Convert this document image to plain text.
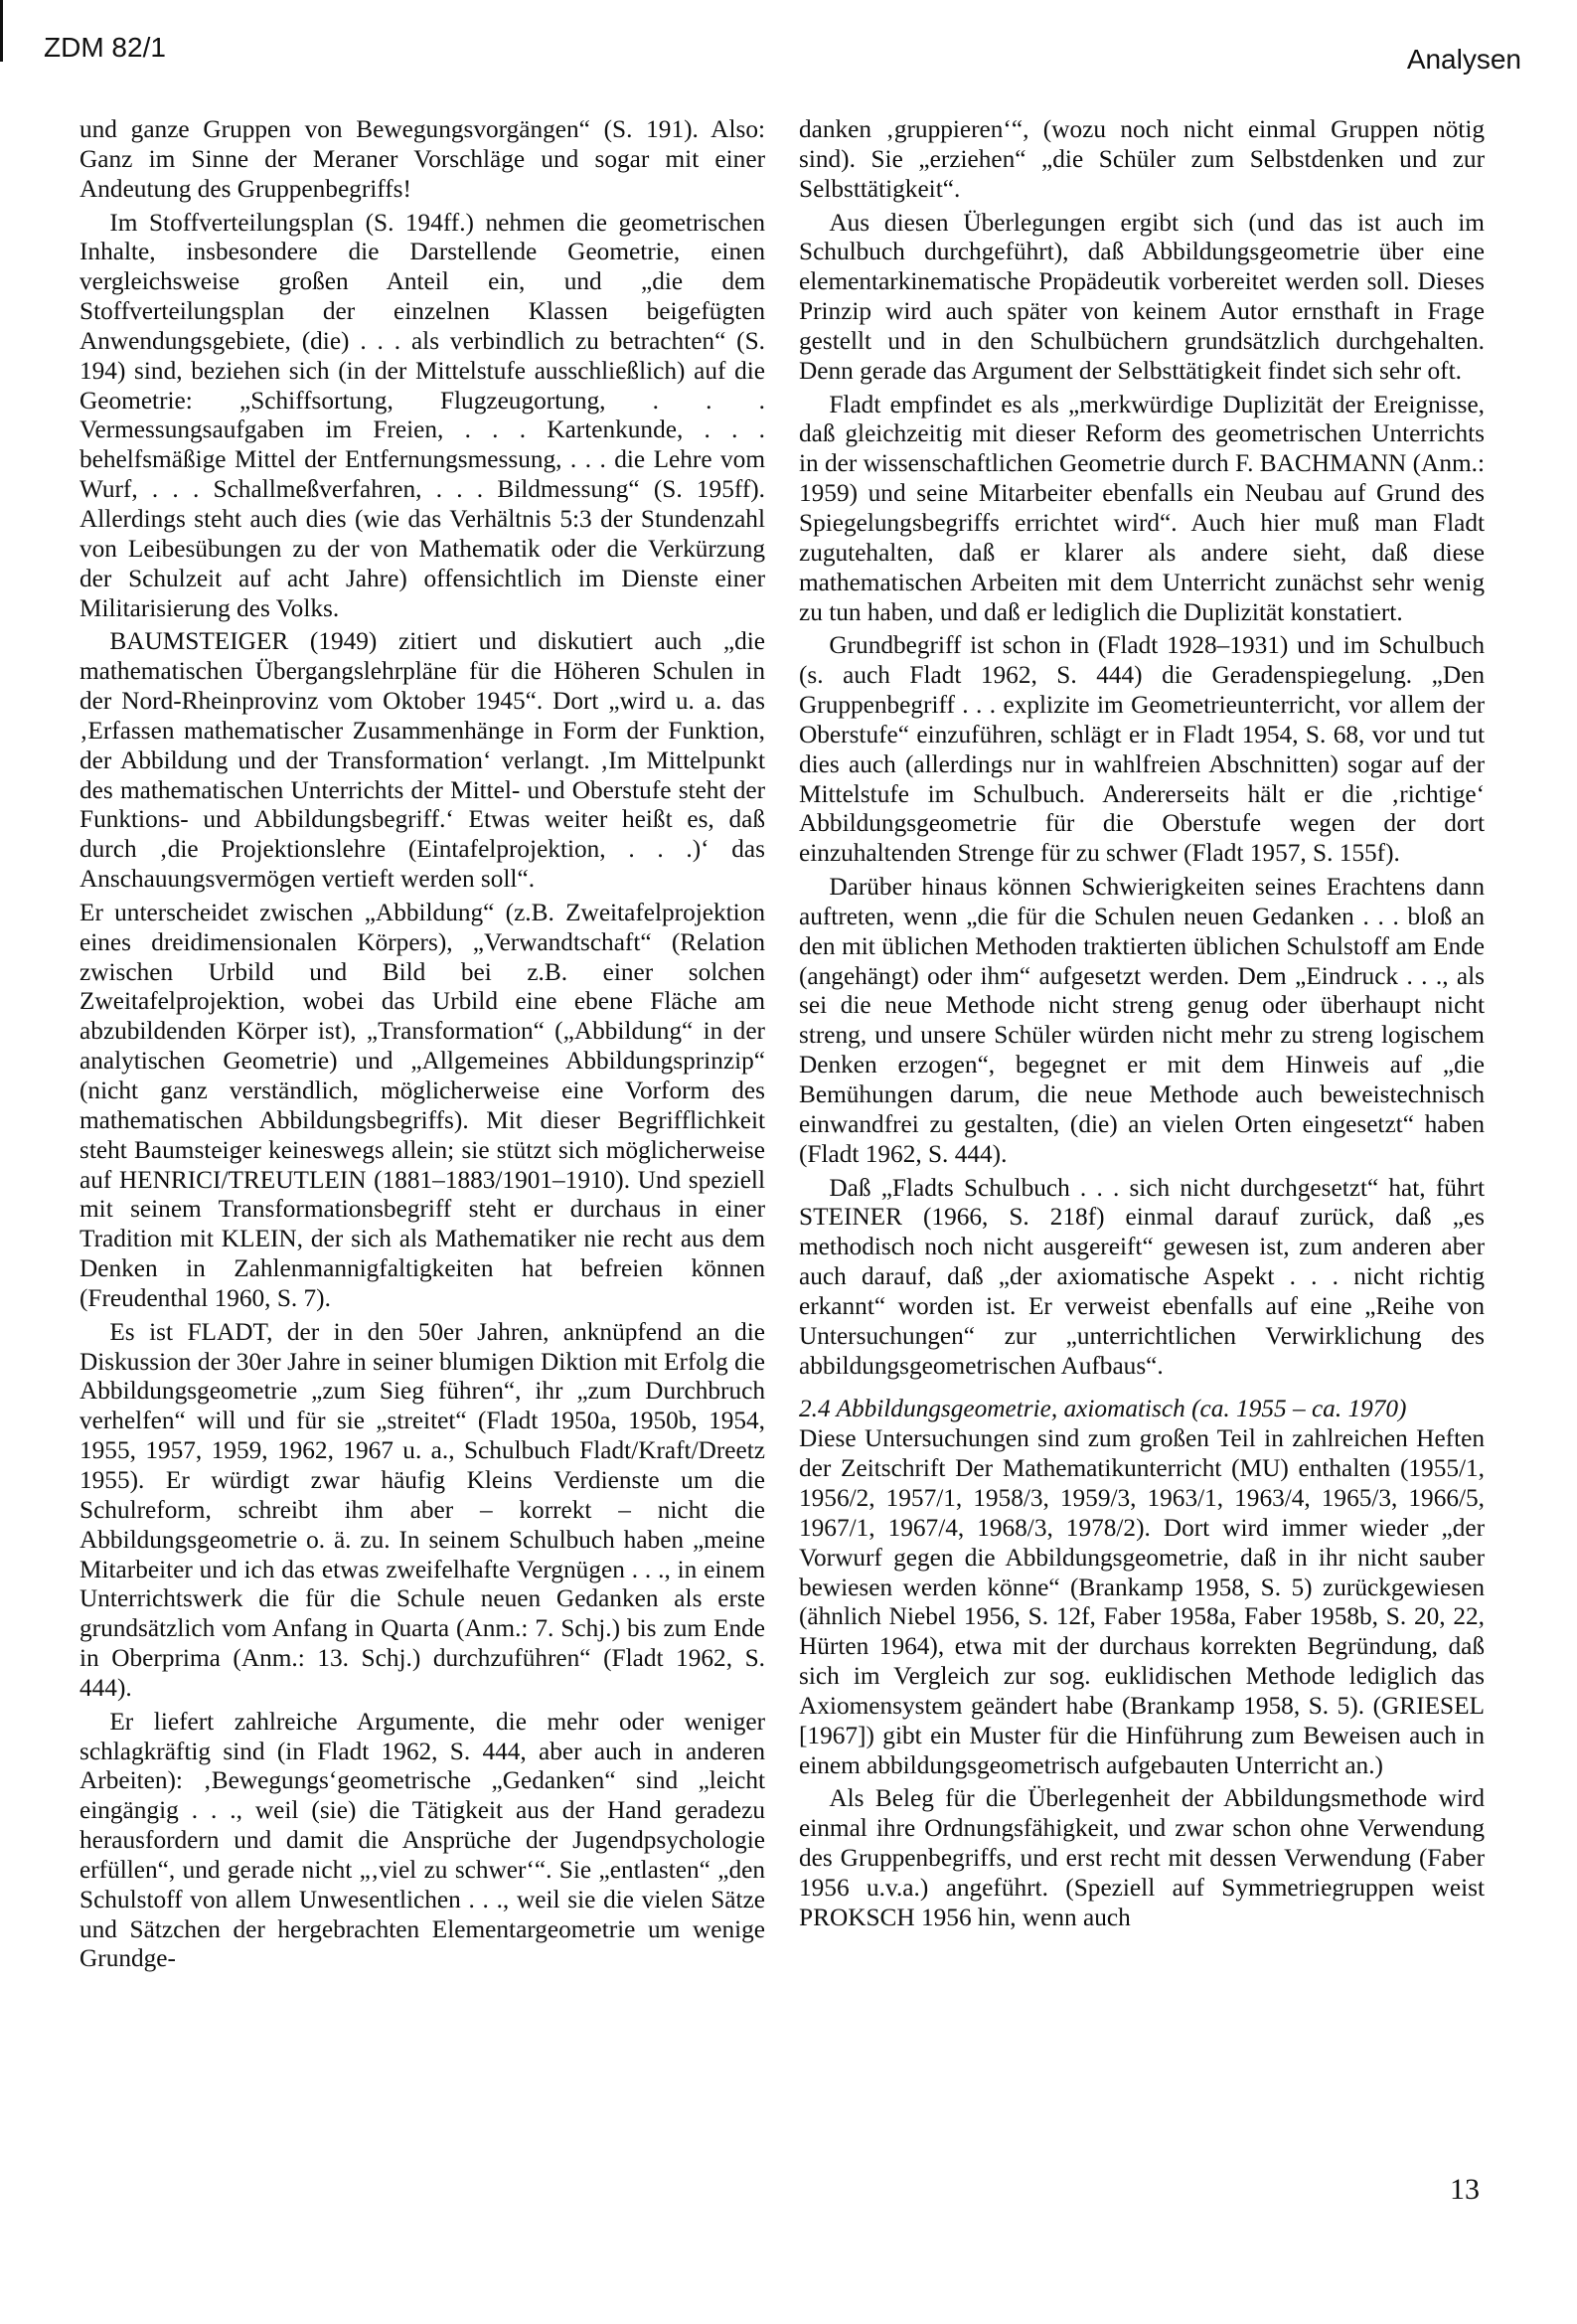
ZDM 82/1	Analysen

und ganze Gruppen von Bewegungsvorgängen“ (S. 191). Also: Ganz im Sinne der Meraner Vorschläge und sogar mit einer Andeutung des Gruppenbegriffs!

Im Stoffverteilungsplan (S. 194ff.) nehmen die geometrischen Inhalte, insbesondere die Darstellende Geometrie, einen vergleichsweise großen Anteil ein, und „die dem Stoffverteilungsplan der einzelnen Klassen beigefügten Anwendungsgebiete, (die) . . . als verbindlich zu betrachten“ (S. 194) sind, beziehen sich (in der Mittelstufe ausschließlich) auf die Geometrie: „Schiffsortung, Flugzeugortung, . . . Vermessungsaufgaben im Freien, . . . Kartenkunde, . . . behelfsmäßige Mittel der Entfernungsmessung, . . . die Lehre vom Wurf, . . . Schallmeßverfahren, . . . Bildmessung“ (S. 195ff). Allerdings steht auch dies (wie das Verhältnis 5:3 der Stundenzahl von Leibesübungen zu der von Mathematik oder die Verkürzung der Schulzeit auf acht Jahre) offensichtlich im Dienste einer Militarisierung des Volks.

BAUMSTEIGER (1949) zitiert und diskutiert auch „die mathematischen Übergangslehrpläne für die Höheren Schulen in der Nord-Rheinprovinz vom Oktober 1945“. Dort „wird u. a. das ‚Erfassen mathematischer Zusammenhänge in Form der Funktion, der Abbildung und der Transformation‘ verlangt. ‚Im Mittelpunkt des mathematischen Unterrichts der Mittel- und Oberstufe steht der Funktions- und Abbildungsbegriff.‘ Etwas weiter heißt es, daß durch ‚die Projektionslehre (Eintafelprojektion, . . .)‘ das Anschauungsvermögen vertieft werden soll“.

Er unterscheidet zwischen „Abbildung“ (z.B. Zweitafelprojektion eines dreidimensionalen Körpers), „Verwandtschaft“ (Relation zwischen Urbild und Bild bei z.B. einer solchen Zweitafelprojektion, wobei das Urbild eine ebene Fläche am abzubildenden Körper ist), „Transformation“ („Abbildung“ in der analytischen Geometrie) und „Allgemeines Abbildungsprinzip“ (nicht ganz verständlich, möglicherweise eine Vorform des mathematischen Abbildungsbegriffs). Mit dieser Begrifflichkeit steht Baumsteiger keineswegs allein; sie stützt sich möglicherweise auf HENRICI/TREUTLEIN (1881–1883/1901–1910). Und speziell mit seinem Transformationsbegriff steht er durchaus in einer Tradition mit KLEIN, der sich als Mathematiker nie recht aus dem Denken in Zahlenmannigfaltigkeiten hat befreien können (Freudenthal 1960, S. 7).

Es ist FLADT, der in den 50er Jahren, anknüpfend an die Diskussion der 30er Jahre in seiner blumigen Diktion mit Erfolg die Abbildungsgeometrie „zum Sieg führen“, ihr „zum Durchbruch verhelfen“ will und für sie „streitet“ (Fladt 1950a, 1950b, 1954, 1955, 1957, 1959, 1962, 1967 u. a., Schulbuch Fladt/Kraft/Dreetz 1955). Er würdigt zwar häufig Kleins Verdienste um die Schulreform, schreibt ihm aber – korrekt – nicht die Abbildungsgeometrie o. ä. zu. In seinem Schulbuch haben „meine Mitarbeiter und ich das etwas zweifelhafte Vergnügen . . ., in einem Unterrichtswerk die für die Schule neuen Gedanken als erste grundsätzlich vom Anfang in Quarta (Anm.: 7. Schj.) bis zum Ende in Oberprima (Anm.: 13. Schj.) durchzuführen“ (Fladt 1962, S. 444).

Er liefert zahlreiche Argumente, die mehr oder weniger schlagkräftig sind (in Fladt 1962, S. 444, aber auch in anderen Arbeiten): ‚Bewegungs‘geometrische „Gedanken“ sind „leicht eingängig . . ., weil (sie) die Tätigkeit aus der Hand geradezu herausfordern und damit die Ansprüche der Jugendpsychologie erfüllen“, und gerade nicht „‚viel zu schwer‘“. Sie „entlasten“ „den Schulstoff von allem Unwesentlichen . . ., weil sie die vielen Sätze und Sätzchen der hergebrachten Elementargeometrie um wenige Grundge-

danken ‚gruppieren‘“, (wozu noch nicht einmal Gruppen nötig sind). Sie „erziehen“ „die Schüler zum Selbstdenken und zur Selbsttätigkeit“.

Aus diesen Überlegungen ergibt sich (und das ist auch im Schulbuch durchgeführt), daß Abbildungsgeometrie über eine elementarkinematische Propädeutik vorbereitet werden soll. Dieses Prinzip wird auch später von keinem Autor ernsthaft in Frage gestellt und in den Schulbüchern grundsätzlich durchgehalten. Denn gerade das Argument der Selbsttätigkeit findet sich sehr oft.

Fladt empfindet es als „merkwürdige Duplizität der Ereignisse, daß gleichzeitig mit dieser Reform des geometrischen Unterrichts in der wissenschaftlichen Geometrie durch F. BACHMANN (Anm.: 1959) und seine Mitarbeiter ebenfalls ein Neubau auf Grund des Spiegelungsbegriffs errichtet wird“. Auch hier muß man Fladt zugutehalten, daß er klarer als andere sieht, daß diese mathematischen Arbeiten mit dem Unterricht zunächst sehr wenig zu tun haben, und daß er lediglich die Duplizität konstatiert.

Grundbegriff ist schon in (Fladt 1928–1931) und im Schulbuch (s. auch Fladt 1962, S. 444) die Geradenspiegelung. „Den Gruppenbegriff . . . explizite im Geometrieunterricht, vor allem der Oberstufe“ einzuführen, schlägt er in Fladt 1954, S. 68, vor und tut dies auch (allerdings nur in wahlfreien Abschnitten) sogar auf der Mittelstufe im Schulbuch. Andererseits hält er die ‚richtige‘ Abbildungsgeometrie für die Oberstufe wegen der dort einzuhaltenden Strenge für zu schwer (Fladt 1957, S. 155f).

Darüber hinaus können Schwierigkeiten seines Erachtens dann auftreten, wenn „die für die Schulen neuen Gedanken . . . bloß an den mit üblichen Methoden traktierten üblichen Schulstoff am Ende (angehängt) oder ihm“ aufgesetzt werden. Dem „Eindruck . . ., als sei die neue Methode nicht streng genug oder überhaupt nicht streng, und unsere Schüler würden nicht mehr zu streng logischem Denken erzogen“, begegnet er mit dem Hinweis auf „die Bemühungen darum, die neue Methode auch beweistechnisch einwandfrei zu gestalten, (die) an vielen Orten eingesetzt“ haben (Fladt 1962, S. 444).

Daß „Fladts Schulbuch . . . sich nicht durchgesetzt“ hat, führt STEINER (1966, S. 218f) einmal darauf zurück, daß „es methodisch noch nicht ausgereift“ gewesen ist, zum anderen aber auch darauf, daß „der axiomatische Aspekt . . . nicht richtig erkannt“ worden ist. Er verweist ebenfalls auf eine „Reihe von Untersuchungen“ zur „unterrichtlichen Verwirklichung des abbildungsgeometrischen Aufbaus“.

2.4 Abbildungsgeometrie, axiomatisch (ca. 1955 – ca. 1970)

Diese Untersuchungen sind zum großen Teil in zahlreichen Heften der Zeitschrift Der Mathematikunterricht (MU) enthalten (1955/1, 1956/2, 1957/1, 1958/3, 1959/3, 1963/1, 1963/4, 1965/3, 1966/5, 1967/1, 1967/4, 1968/3, 1978/2). Dort wird immer wieder „der Vorwurf gegen die Abbildungsgeometrie, daß in ihr nicht sauber bewiesen werden könne“ (Brankamp 1958, S. 5) zurückgewiesen (ähnlich Niebel 1956, S. 12f, Faber 1958a, Faber 1958b, S. 20, 22, Hürten 1964), etwa mit der durchaus korrekten Begründung, daß sich im Vergleich zur sog. euklidischen Methode lediglich das Axiomensystem geändert habe (Brankamp 1958, S. 5). (GRIESEL [1967]) gibt ein Muster für die Hinführung zum Beweisen auch in einem abbildungsgeometrisch aufgebauten Unterricht an.)

Als Beleg für die Überlegenheit der Abbildungsmethode wird einmal ihre Ordnungsfähigkeit, und zwar schon ohne Verwendung des Gruppenbegriffs, und erst recht mit dessen Verwendung (Faber 1956 u.v.a.) angeführt. (Speziell auf Symmetriegruppen weist PROKSCH 1956 hin, wenn auch

13
